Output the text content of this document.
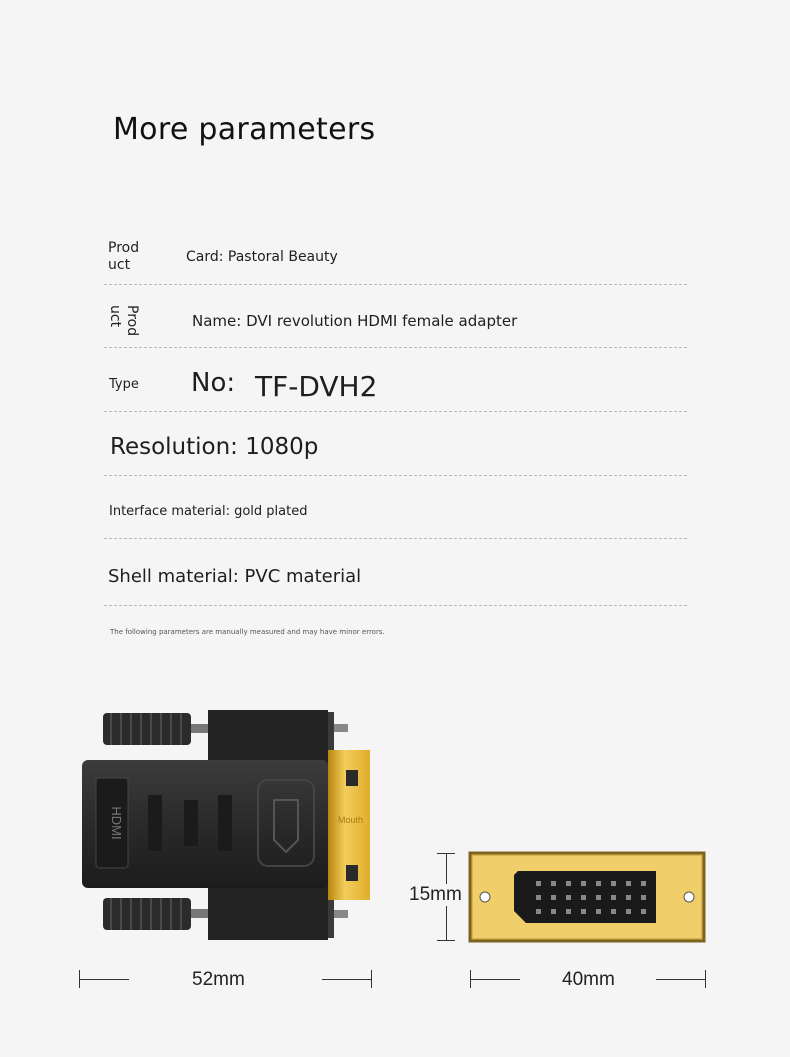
More parameters
Prod uct	Card: Pastoral Beauty
Prod uct	Name: DVI revolution HDMI female adapter
Type No: TF-DVH2
Resolution: 1080p
Interface material: gold plated
Shell material: PVC material
The following parameters are manually measured and may have minor errors.
HDMI	Mouth
15mm
52mm	40mm
